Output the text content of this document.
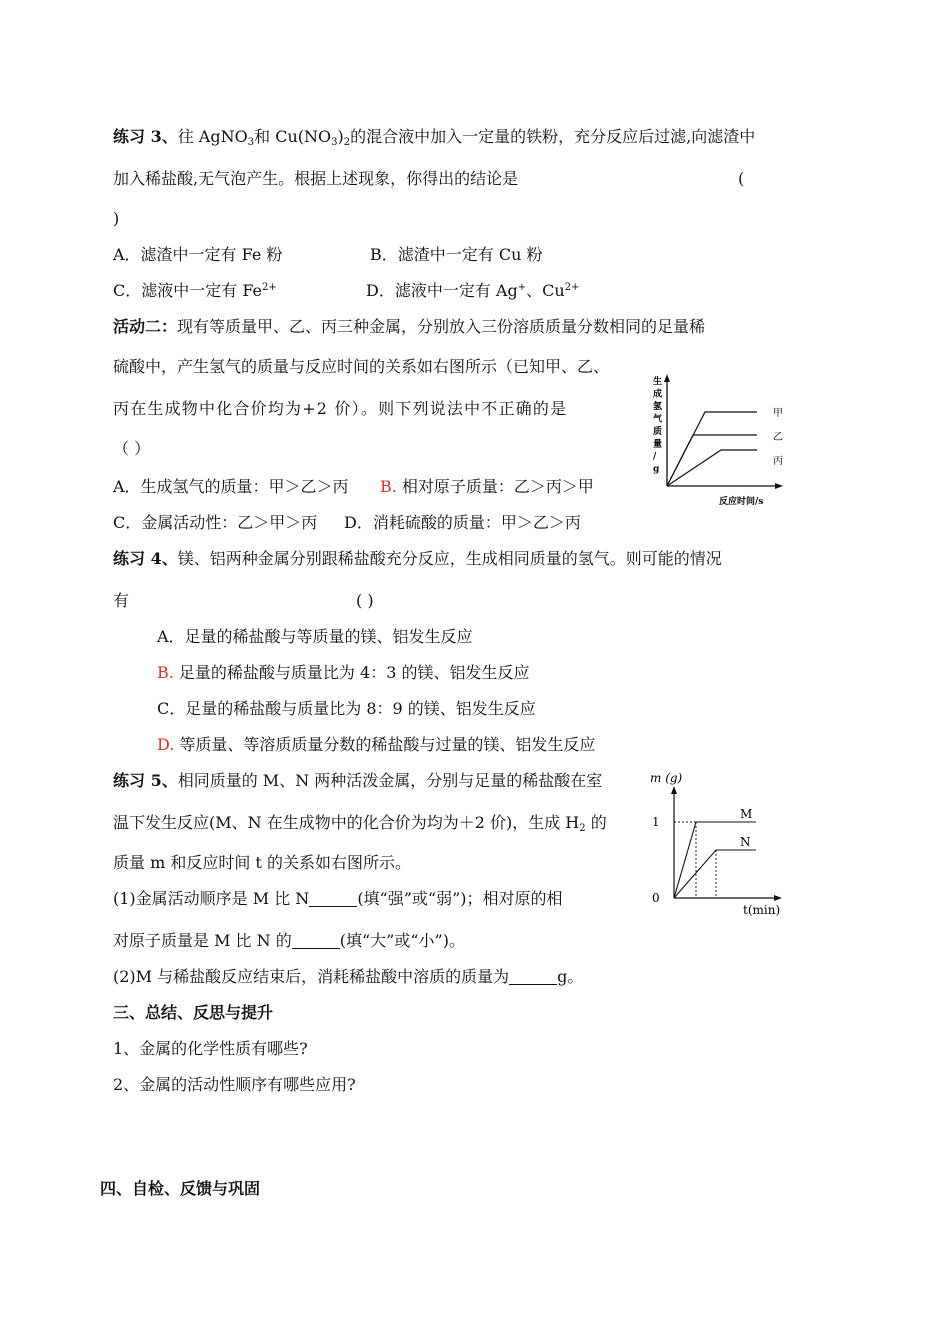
练习 3、往 AgNO$_3$和 $Cu(NO_3)_2$的混合液中加入一定量的铁粉，充分反应后过滤,向滤渣中
加入稀盐酸,无气泡产生。根据上述现象，你得出的结论是	(
)
A．滤渣中一定有 Fe 粉	B．滤渣中一定有 Cu 粉
C．滤液中一定有 $Fe^{2+}$	D．滤液中一定有 Ag+、$Cu^{2+}$
活动二：现有等质量甲、乙、丙三种金属，分别放入三份溶质质量分数相同的足量稀
硫酸中，产生氢气的质量与反应时间的关系如右图所示（已知甲、乙、
丙在生成物中化合价均为+2 价）。则下列说法中不正确的是
（ ）
A．生成氢气的质量：甲＞乙＞丙 B. 相对原子质量：乙＞丙＞甲
C．金属活动性：乙＞甲＞丙 D．消耗硫酸的质量：甲＞乙＞丙
生
成
氢
气
质
量
/
g
甲
乙
丙
反应时间/s
练习 4、镁、铝两种金属分别跟稀盐酸充分反应，生成相同质量的氢气。则可能的情况
有	( )
A．足量的稀盐酸与等质量的镁、铝发生反应
B. 足量的稀盐酸与质量比为 4：3 的镁、铝发生反应
C．足量的稀盐酸与质量比为 8：9 的镁、铝发生反应
D. 等质量、等溶质质量分数的稀盐酸与过量的镁、铝发生反应
练习 5、相同质量的 M、N 两种活泼金属，分别与足量的稀盐酸在室
温下发生反应(M、N 在生成物中的化合价为均为＋2 价)，生成 $H_2$ 的
质量 m 和反应时间 t 的关系如右图所示。
(1)金属活动顺序是 M 比 N	(填“强”或“弱”)；相对原的相
对原子质量是 M 比 N 的	(填“大”或“小”)。
(2)M 与稀盐酸反应结束后，消耗稀盐酸中溶质的质量为	g。
m (g)
1
0
M
N
t(min)
三、总结、反思与提升
1、金属的化学性质有哪些?
2、金属的活动性顺序有哪些应用?
四、自检、反馈与巩固
